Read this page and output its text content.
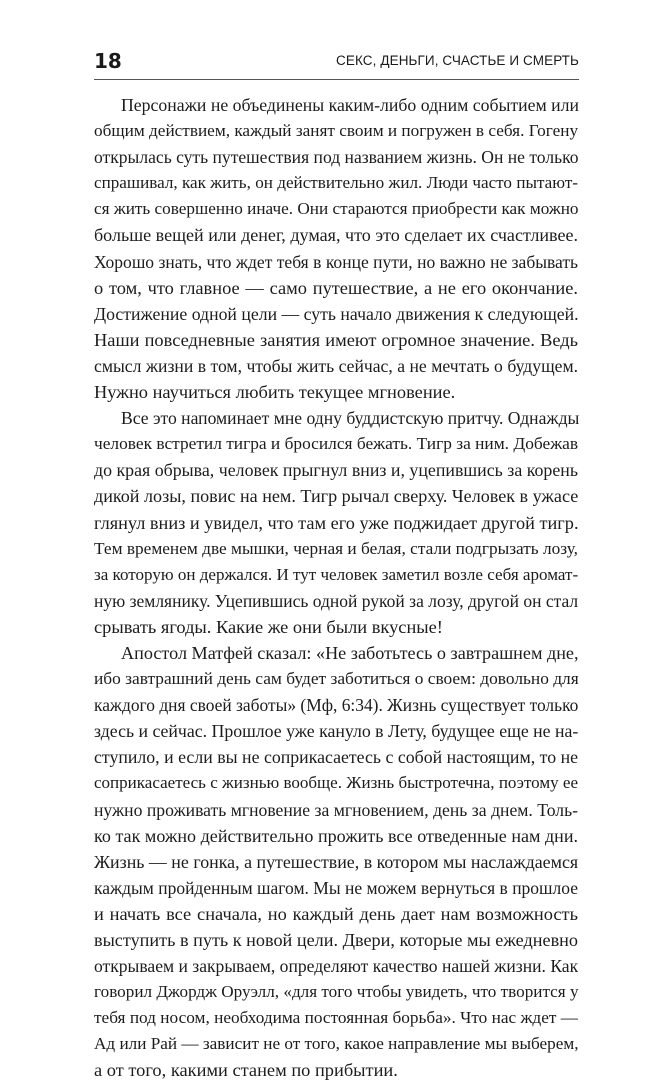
18	СЕКС, ДЕНЬГИ, СЧАСТЬЕ И СМЕРТЬ
Персонажи не объединены каким-либо одним событием или
общим действием, каждый занят своим и погружен в себя. Гогену
открылась суть путешествия под названием жизнь. Он не только
спрашивал, как жить, он действительно жил. Люди часто пытают-
ся жить совершенно иначе. Они стараются приобрести как можно
больше вещей или денег, думая, что это сделает их счастливее.
Хорошо знать, что ждет тебя в конце пути, но важно не забывать
о том, что главное — само путешествие, а не его окончание.
Достижение одной цели — суть начало движения к следующей.
Наши повседневные занятия имеют огромное значение. Ведь
смысл жизни в том, чтобы жить сейчас, а не мечтать о будущем.
Нужно научиться любить текущее мгновение.
Все это напоминает мне одну буддистскую притчу. Однажды
человек встретил тигра и бросился бежать. Тигр за ним. Добежав
до края обрыва, человек прыгнул вниз и, уцепившись за корень
дикой лозы, повис на нем. Тигр рычал сверху. Человек в ужасе
глянул вниз и увидел, что там его уже поджидает другой тигр.
Тем временем две мышки, черная и белая, стали подгрызать лозу,
за которую он держался. И тут человек заметил возле себя аромат-
ную землянику. Уцепившись одной рукой за лозу, другой он стал
срывать ягоды. Какие же они были вкусные!
Апостол Матфей сказал: «Не заботьтесь о завтрашнем дне,
ибо завтрашний день сам будет заботиться о своем: довольно для
каждого дня своей заботы» (Мф, 6:34). Жизнь существует только
здесь и сейчас. Прошлое уже кануло в Лету, будущее еще не на-
ступило, и если вы не соприкасаетесь с собой настоящим, то не
соприкасаетесь с жизнью вообще. Жизнь быстротечна, поэтому ее
нужно проживать мгновение за мгновением, день за днем. Толь-
ко так можно действительно прожить все отведенные нам дни.
Жизнь — не гонка, а путешествие, в котором мы наслаждаемся
каждым пройденным шагом. Мы не можем вернуться в прошлое
и начать все сначала, но каждый день дает нам возможность
выступить в путь к новой цели. Двери, которые мы ежедневно
открываем и закрываем, определяют качество нашей жизни. Как
говорил Джордж Оруэлл, «для того чтобы увидеть, что творится у
тебя под носом, необходима постоянная борьба». Что нас ждет —
Ад или Рай — зависит не от того, какое направление мы выберем,
а от того, какими станем по прибытии.
